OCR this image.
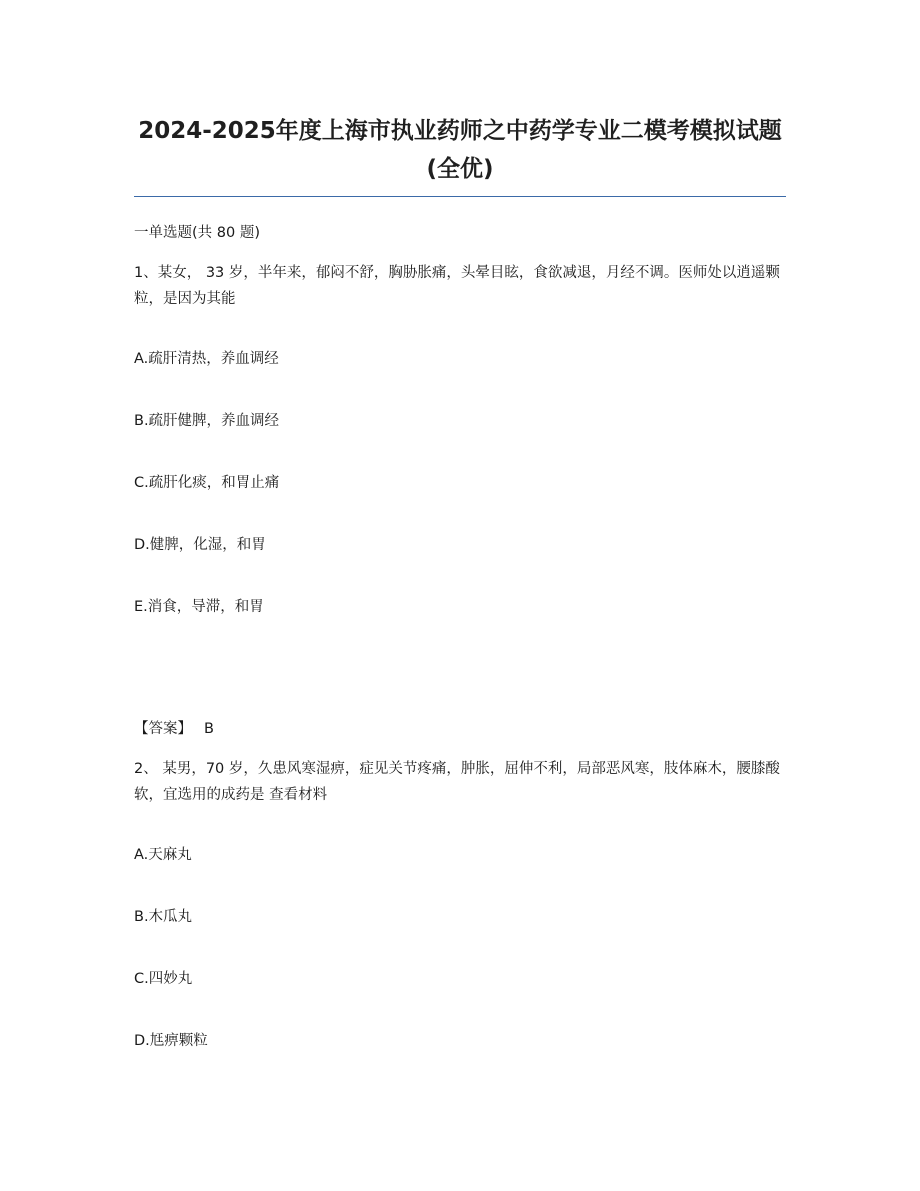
2024-2025年度上海市执业药师之中药学专业二模考模拟试题(全优)

一单选题(共 80 题)

1、某女， 33 岁，半年来，郁闷不舒，胸胁胀痛，头晕目眩，食欲减退，月经不调。医师处以逍遥颗粒，是因为其能

A.疏肝清热，养血调经

B.疏肝健脾，养血调经

C.疏肝化痰，和胃止痛

D.健脾，化湿，和胃

E.消食，导滞，和胃

【答案】 B

2、 某男，70 岁，久患风寒湿痹，症见关节疼痛，肿胀，屈伸不利，局部恶风寒，肢体麻木，腰膝酸软，宜选用的成药是 查看材料

A.天麻丸

B.木瓜丸

C.四妙丸

D.尪痹颗粒
